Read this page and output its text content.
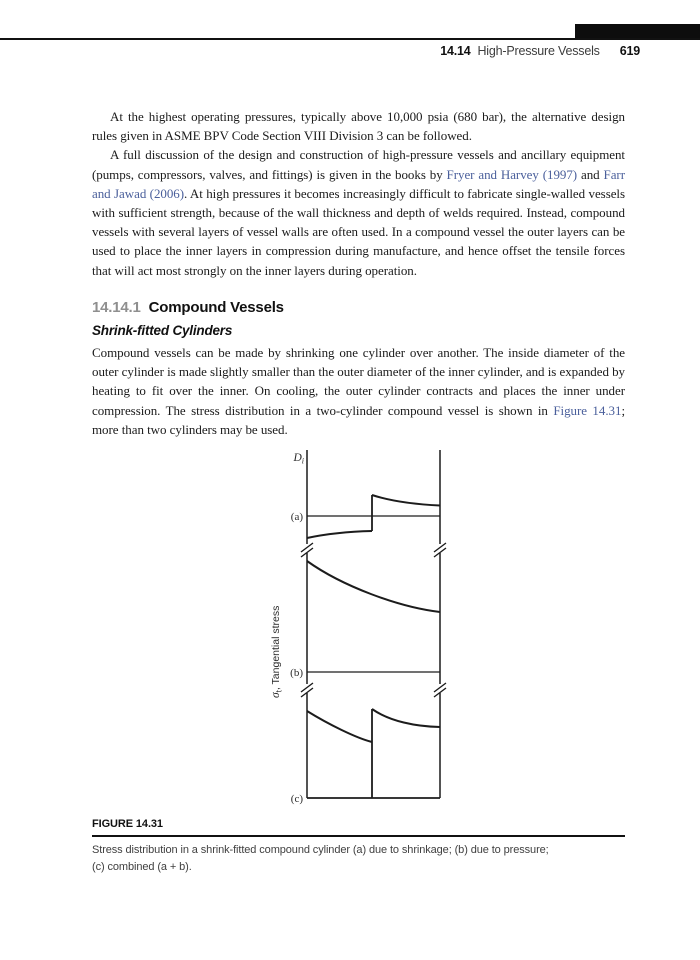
14.14 High-Pressure Vessels 619

At the highest operating pressures, typically above 10,000 psia (680 bar), the alternative design rules given in ASME BPV Code Section VIII Division 3 can be followed.

A full discussion of the design and construction of high-pressure vessels and ancillary equipment (pumps, compressors, valves, and fittings) is given in the books by Fryer and Harvey (1997) and Farr and Jawad (2006). At high pressures it becomes increasingly difficult to fabricate single-walled vessels with sufficient strength, because of the wall thickness and depth of welds required. Instead, compound vessels with several layers of vessel walls are often used. In a compound vessel the outer layers can be used to place the inner layers in compression during manufacture, and hence offset the tensile forces that will act most strongly on the inner layers during operation.

14.14.1 Compound Vessels
Shrink-fitted Cylinders
Compound vessels can be made by shrinking one cylinder over another. The inside diameter of the outer cylinder is made slightly smaller than the outer diameter of the inner cylinder, and is expanded by heating to fit over the inner. On cooling, the outer cylinder contracts and places the inner under compression. The stress distribution in a two-cylinder compound vessel is shown in Figure 14.31; more than two cylinders may be used.
$D_i$
(a)
(b)
(c)
$\sigma_t$, Tangential stress
FIGURE 14.31
Stress distribution in a shrink-fitted compound cylinder (a) due to shrinkage; (b) due to pressure;
(c) combined (a + b).
